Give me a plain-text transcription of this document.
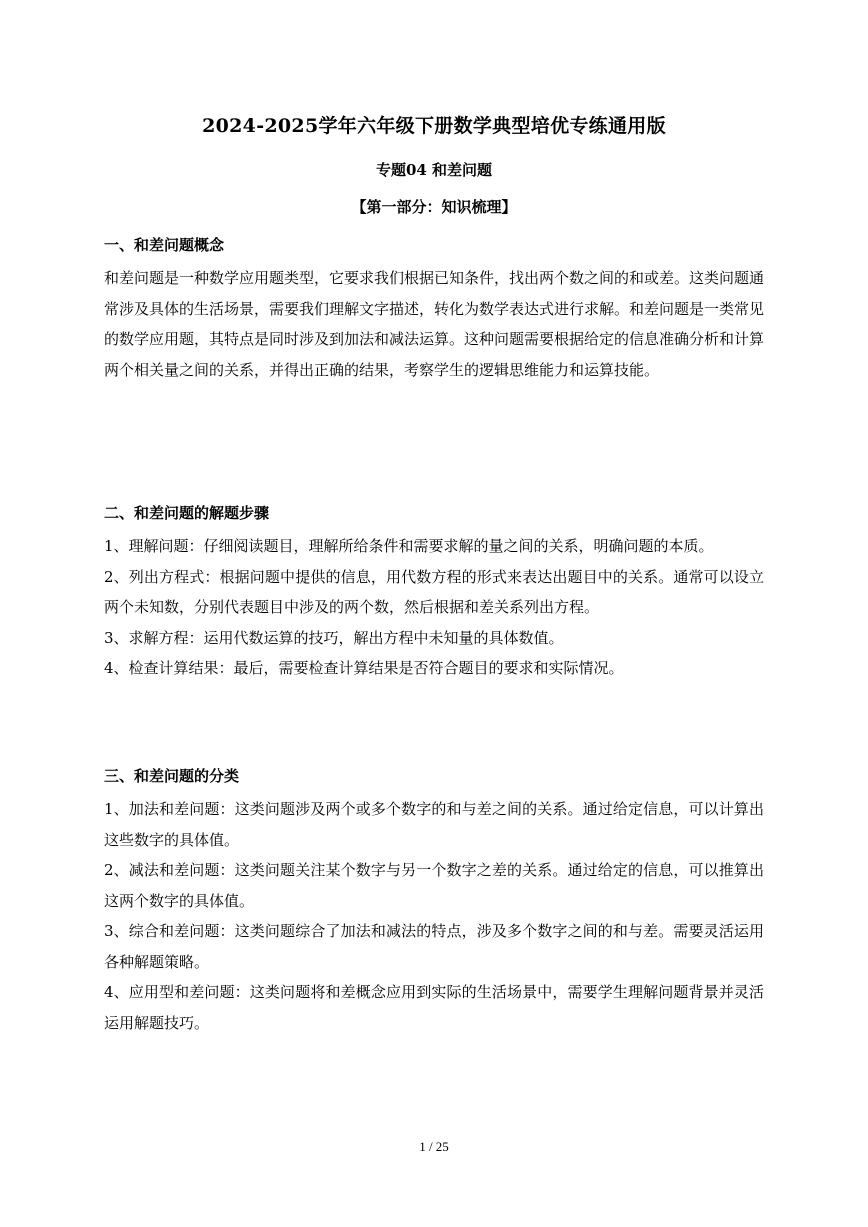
2024-2025学年六年级下册数学典型培优专练通用版
专题04 和差问题
【第一部分：知识梳理】
一、和差问题概念

和差问题是一种数学应用题类型，它要求我们根据已知条件，找出两个数之间的和或差。这类问题通常涉及具体的生活场景，需要我们理解文字描述，转化为数学表达式进行求解。和差问题是一类常见的数学应用题，其特点是同时涉及到加法和减法运算。这种问题需要根据给定的信息准确分析和计算两个相关量之间的关系，并得出正确的结果，考察学生的逻辑思维能力和运算技能。

二、和差问题的解题步骤

1、理解问题：仔细阅读题目，理解所给条件和需要求解的量之间的关系，明确问题的本质。

2、列出方程式：根据问题中提供的信息，用代数方程的形式来表达出题目中的关系。通常可以设立两个未知数，分别代表题目中涉及的两个数，然后根据和差关系列出方程。

3、求解方程：运用代数运算的技巧，解出方程中未知量的具体数值。

4、检查计算结果：最后，需要检查计算结果是否符合题目的要求和实际情况。

三、和差问题的分类

1、加法和差问题：这类问题涉及两个或多个数字的和与差之间的关系。通过给定信息，可以计算出这些数字的具体值。

2、减法和差问题：这类问题关注某个数字与另一个数字之差的关系。通过给定的信息，可以推算出这两个数字的具体值。

3、综合和差问题：这类问题综合了加法和减法的特点，涉及多个数字之间的和与差。需要灵活运用各种解题策略。

4、应用型和差问题：这类问题将和差概念应用到实际的生活场景中，需要学生理解问题背景并灵活运用解题技巧。

1 / 25
